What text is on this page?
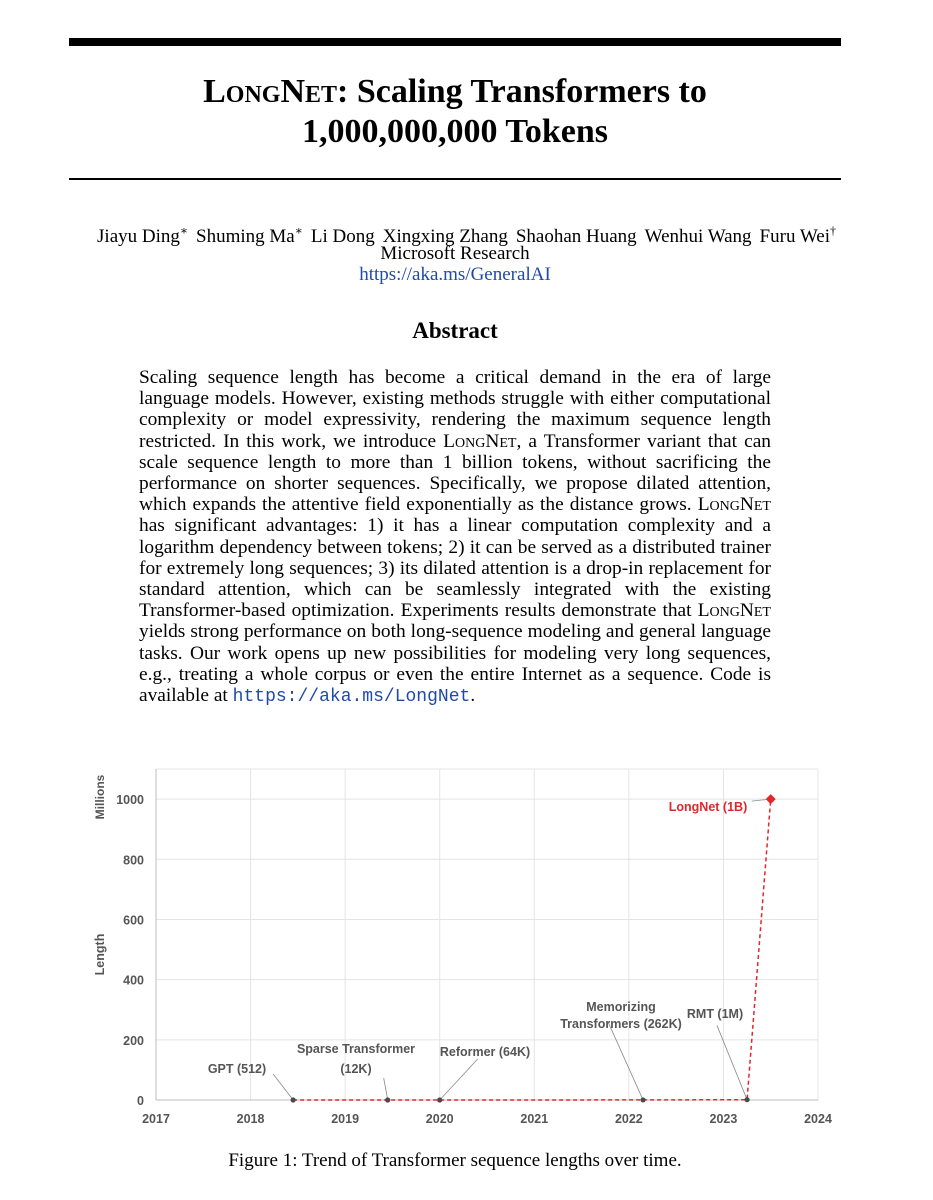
LongNet: Scaling Transformers to
1,000,000,000 Tokens
Jiayu Ding∗ Shuming Ma∗ Li Dong Xingxing Zhang Shaohan Huang Wenhui Wang Furu Wei†
Microsoft Research
https://aka.ms/GeneralAI
Abstract
Scaling sequence length has become a critical demand in the era of large language models. However, existing methods struggle with either computational complexity or model expressivity, rendering the maximum sequence length restricted. In this work, we introduce LongNet, a Transformer variant that can scale sequence length to more than 1 billion tokens, without sacrificing the performance on shorter sequences. Specifically, we propose dilated attention, which expands the attentive field exponentially as the distance grows. LongNet has significant advantages: 1) it has a linear computation complexity and a logarithm dependency between tokens; 2) it can be served as a distributed trainer for extremely long sequences; 3) its dilated attention is a drop-in replacement for standard attention, which can be seamlessly integrated with the existing Transformer-based optimization. Experiments results demonstrate that LongNet yields strong performance on both long-sequence modeling and general language tasks. Our work opens up new possibilities for modeling very long sequences, e.g., treating a whole corpus or even the entire Internet as a sequence. Code is available at https://aka.ms/LongNet.
2017	2018	2019	2020	2021	2022	2023	2024
0
200
400
600
800
1000
Length
Millions
GPT (512)
Sparse Transformer
(12K)
Reformer (64K)
Memorizing
Transformers (262K)
RMT (1M)
LongNet (1B)
Figure 1: Trend of Transformer sequence lengths over time.
